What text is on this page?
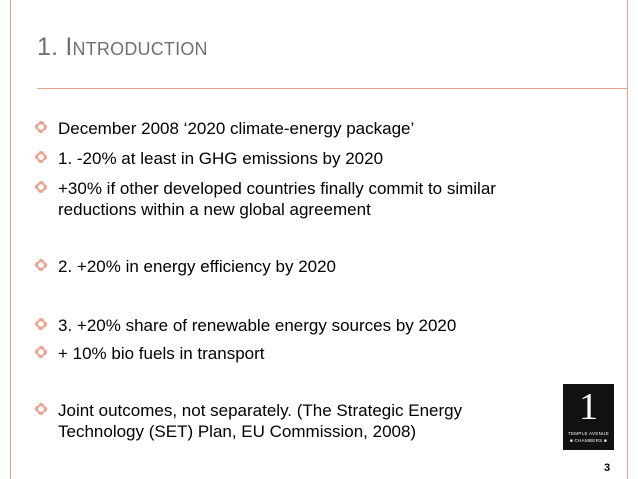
1. Introduction
December 2008 ‘2020 climate-energy package’
1. -20% at least in GHG emissions by 2020
+30% if other developed countries finally commit to similar reductions within a new global agreement
2. +20% in energy efficiency by 2020
3. +20% share of renewable energy sources by 2020
+ 10% bio fuels in transport
Joint outcomes, not separately. (The Strategic Energy Technology (SET) Plan, EU Commission, 2008)
1
TEMPLE AVENUE
■ CHAMBERS ■
3
